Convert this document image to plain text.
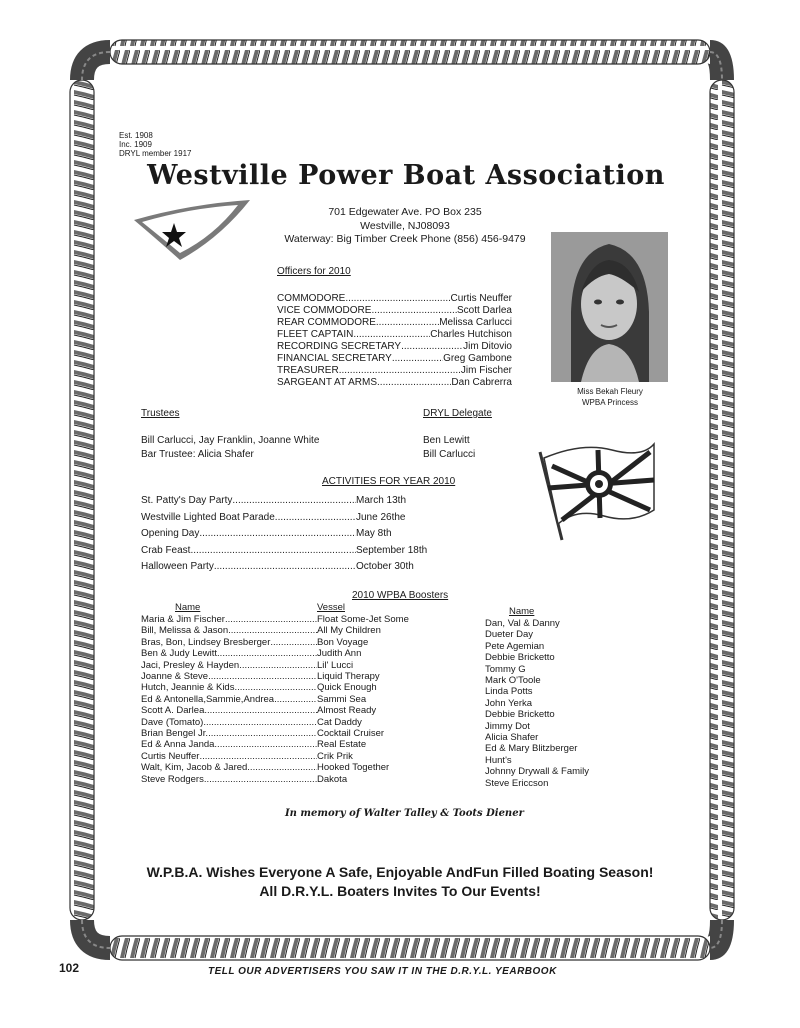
Est. 1908
Inc. 1909
DRYL member 1917
Westville Power Boat Association
701 Edgewater Ave. PO Box 235
Westville, NJ08093
Waterway: Big Timber Creek Phone (856) 456-9479
Officers for 2010
COMMODORE .....	Curtis Neuffer
VICE COMMODORE .....	Scott Darlea
REAR COMMODORE .....	Melissa Carlucci
FLEET CAPTAIN .....	Charles Hutchison
RECORDING SECRETARY .....	Jim Ditovio
FINANCIAL SECRETARY .....	Greg Gambone
TREASURER .....	Jim Fischer
SARGEANT AT ARMS .....	Dan Cabrerra
Miss Bekah Fleury
WPBA Princess
Trustees
Bill Carlucci, Jay Franklin, Joanne White
Bar Trustee: Alicia Shafer
DRYL Delegate
Ben Lewitt
Bill Carlucci
ACTIVITIES FOR YEAR 2010
St. Patty's Day Party .....	March 13th
Westville Lighted Boat Parade .....	June 26the
Opening Day .....	May 8th
Crab Feast .....	September 18th
Halloween Party .....	October 30th
2010 WPBA Boosters
Name	Vessel	Name
Maria & Jim Fischer .....	Float Some-Jet Some
Bill, Melissa & Jason .....	All My Children
Bras, Bon, Lindsey Bresberger .....	Bon Voyage
Ben & Judy Lewitt .....	Judith Ann
Jaci, Presley & Hayden .....	Lil' Lucci
Joanne & Steve .....	Liquid Therapy
Hutch, Jeannie & Kids .....	Quick Enough
Ed & Antonella,Sammie,Andrea .....	Sammi Sea
Scott A. Darlea .....	Almost Ready
Dave (Tomato) .....	Cat Daddy
Brian Bengel Jr. .....	Cocktail Cruiser
Ed & Anna Janda .....	Real Estate
Curtis Neuffer .....	Crik Prik
Walt, Kim, Jacob & Jared .....	Hooked Together
Steve Rodgers .....	Dakota
Dan, Val & Danny
Dueter Day
Pete Agemian
Debbie Bricketto
Tommy G
Mark O'Toole
Linda Potts
John Yerka
Debbie Bricketto
Jimmy Dot
Alicia Shafer
Ed & Mary Blitzberger
Hunt's
Johnny Drywall & Family
Steve Ericcson
In memory of Walter Talley & Toots Diener
W.P.B.A. Wishes Everyone A Safe, Enjoyable AndFun Filled Boating Season!
All D.R.Y.L. Boaters Invites To Our Events!
102	TELL OUR ADVERTISERS YOU SAW IT IN THE D.R.Y.L. YEARBOOK
